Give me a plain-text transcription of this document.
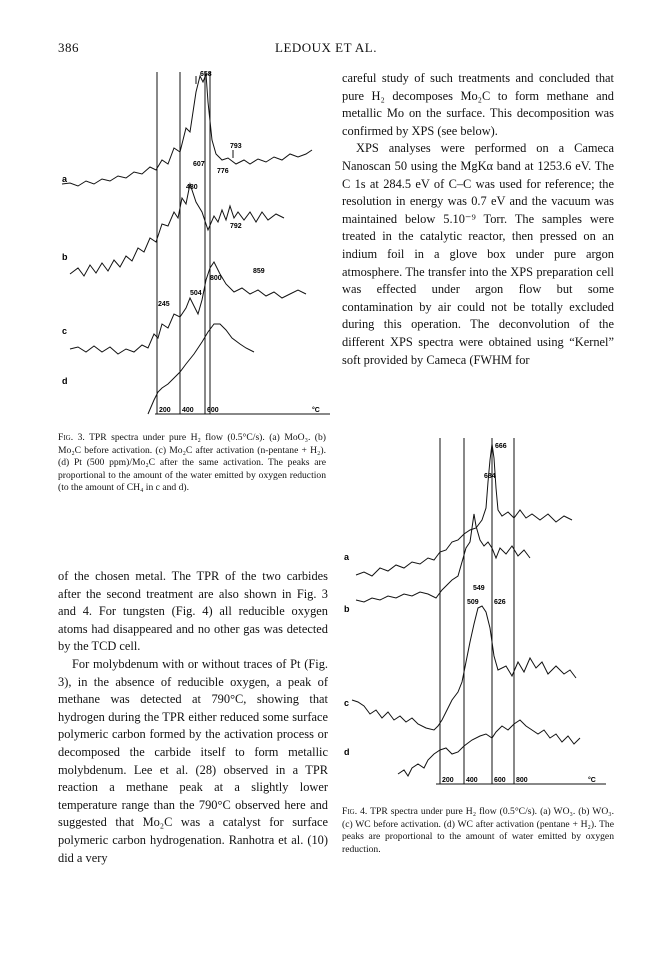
386	LEDOUX ET AL.
658
793
607
776
480
792
859
800
504
245
a
b
c
d
200 400 600	°C
Fig. 3. TPR spectra under pure H₂ flow (0.5°C/s). (a) MoO₃. (b) Mo₂C before activation. (c) Mo₂C after activation (n-pentane + H₂). (d) Pt (500 ppm)/Mo₂C after the same activation. The peaks are proportional to the amount of the water emitted by oxygen reduction (to the amount of CH₄ in c and d).

careful study of such treatments and concluded that pure H₂ decomposes Mo₂C to form methane and metallic Mo on the surface. This decomposition was confirmed by XPS (see below).

XPS analyses were performed on a Cameca Nanoscan 50 using the MgKα band at 1253.6 eV. The C 1s at 284.5 eV of C–C was used for reference; the resolution in energy was 0.7 eV and the vacuum was maintained below 5.10⁻⁹ Torr. The samples were treated in the catalytic reactor, then pressed on an indium foil in a glove box under pure argon atmosphere. The transfer into the XPS preparation cell was effected under argon flow but some contamination by air could not be totally excluded during this operation. The deconvolution of the different XPS spectra were obtained using “Kernel” soft provided by Cameca (FWHM for

of the chosen metal. The TPR of the two carbides after the second treatment are also shown in Fig. 3 and 4. For tungsten (Fig. 4) all reducible oxygen atoms had disappeared and no other gas was detected by the TCD cell.

For molybdenum with or without traces of Pt (Fig. 3), in the absence of reducible oxygen, a peak of methane was detected at 790°C, showing that hydrogen during the TPR either reduced some surface polymeric carbon formed by the activation process or decomposed the carbide itself to form metallic molybdenum. Lee et al. (28) observed in a TPR reaction a methane peak at a slightly lower temperature range than the 790°C observed here and suggested that Mo₂C was a catalyst for surface polymeric carbon hydrogenation. Ranhotra et al. (10) did a very

666
684
549
509 626
a
b
c
d
200 400 600 800	°C
Fig. 4. TPR spectra under pure H₂ flow (0.5°C/s). (a) WO₃. (b) WO₃. (c) WC before activation. (d) WC after activation (pentane + H₂). The peaks are proportional to the amount of water emitted by oxygen reduction.
